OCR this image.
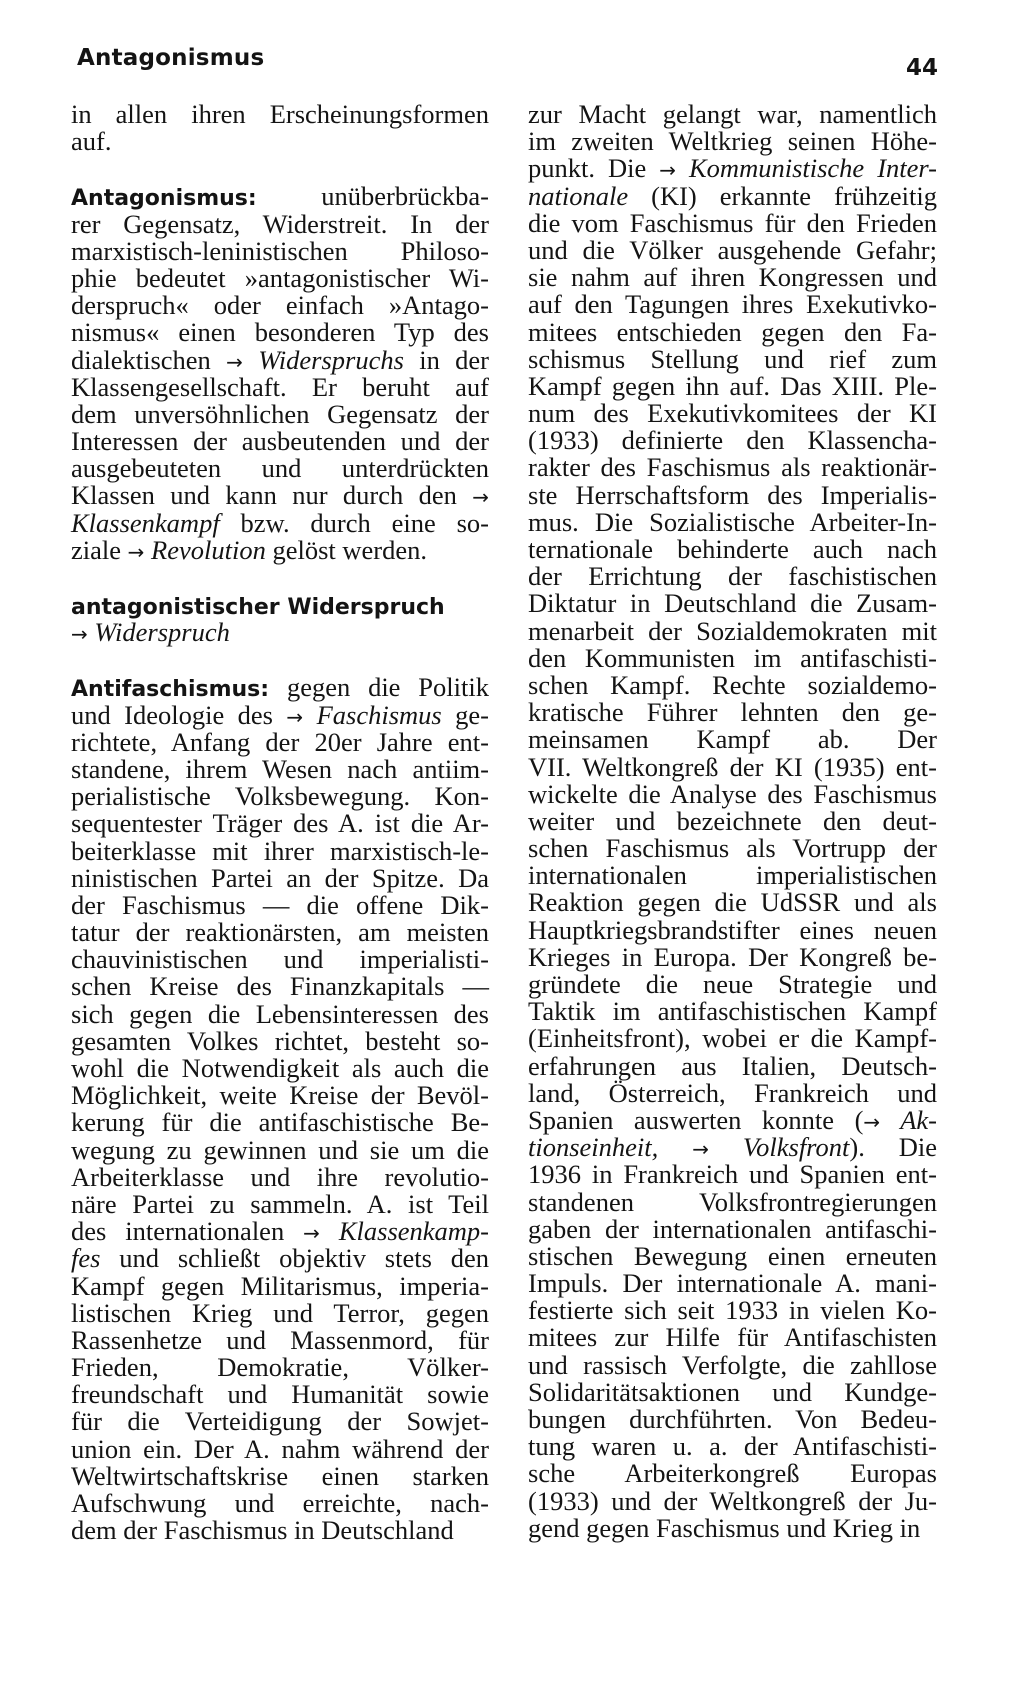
Antagonismus	44
in allen ihren Erscheinungsformen
auf.
Antagonismus: unüberbrückba-
rer Gegensatz, Widerstreit. In der
marxistisch-leninistischen Philoso-
phie bedeutet »antagonistischer Wi-
derspruch« oder einfach »Antago-
nismus« einen besonderen Typ des
dialektischen → Widerspruchs in der
Klassengesellschaft. Er beruht auf
dem unversöhnlichen Gegensatz der
Interessen der ausbeutenden und der
ausgebeuteten und unterdrückten
Klassen und kann nur durch den →
Klassenkampf bzw. durch eine so-
ziale → Revolution gelöst werden.
antagonistischer Widerspruch
→ Widerspruch
Antifaschismus: gegen die Politik
und Ideologie des → Faschismus ge-
richtete, Anfang der 20er Jahre ent-
standene, ihrem Wesen nach antiim-
perialistische Volksbewegung. Kon-
sequentester Träger des A. ist die Ar-
beiterklasse mit ihrer marxistisch-le-
ninistischen Partei an der Spitze. Da
der Faschismus — die offene Dik-
tatur der reaktionärsten, am meisten
chauvinistischen und imperialisti-
schen Kreise des Finanzkapitals —
sich gegen die Lebensinteressen des
gesamten Volkes richtet, besteht so-
wohl die Notwendigkeit als auch die
Möglichkeit, weite Kreise der Bevöl-
kerung für die antifaschistische Be-
wegung zu gewinnen und sie um die
Arbeiterklasse und ihre revolutio-
näre Partei zu sammeln. A. ist Teil
des internationalen → Klassenkamp-
fes und schließt objektiv stets den
Kampf gegen Militarismus, imperia-
listischen Krieg und Terror, gegen
Rassenhetze und Massenmord, für
Frieden, Demokratie, Völker-
freundschaft und Humanität sowie
für die Verteidigung der Sowjet-
union ein. Der A. nahm während der
Weltwirtschaftskrise einen starken
Aufschwung und erreichte, nach-
dem der Faschismus in Deutschland
zur Macht gelangt war, namentlich
im zweiten Weltkrieg seinen Höhe-
punkt. Die → Kommunistische Inter-
nationale (KI) erkannte frühzeitig
die vom Faschismus für den Frieden
und die Völker ausgehende Gefahr;
sie nahm auf ihren Kongressen und
auf den Tagungen ihres Exekutivko-
mitees entschieden gegen den Fa-
schismus Stellung und rief zum
Kampf gegen ihn auf. Das XIII. Ple-
num des Exekutivkomitees der KI
(1933) definierte den Klassencha-
rakter des Faschismus als reaktionär-
ste Herrschaftsform des Imperialis-
mus. Die Sozialistische Arbeiter-In-
ternationale behinderte auch nach
der Errichtung der faschistischen
Diktatur in Deutschland die Zusam-
menarbeit der Sozialdemokraten mit
den Kommunisten im antifaschisti-
schen Kampf. Rechte sozialdemo-
kratische Führer lehnten den ge-
meinsamen Kampf ab. Der
VII. Weltkongreß der KI (1935) ent-
wickelte die Analyse des Faschismus
weiter und bezeichnete den deut-
schen Faschismus als Vortrupp der
internationalen imperialistischen
Reaktion gegen die UdSSR und als
Hauptkriegsbrandstifter eines neuen
Krieges in Europa. Der Kongreß be-
gründete die neue Strategie und
Taktik im antifaschistischen Kampf
(Einheitsfront), wobei er die Kampf-
erfahrungen aus Italien, Deutsch-
land, Österreich, Frankreich und
Spanien auswerten konnte (→ Ak-
tionseinheit, → Volksfront). Die
1936 in Frankreich und Spanien ent-
standenen Volksfrontregierungen
gaben der internationalen antifaschi-
stischen Bewegung einen erneuten
Impuls. Der internationale A. mani-
festierte sich seit 1933 in vielen Ko-
mitees zur Hilfe für Antifaschisten
und rassisch Verfolgte, die zahllose
Solidaritätsaktionen und Kundge-
bungen durchführten. Von Bedeu-
tung waren u. a. der Antifaschisti-
sche Arbeiterkongreß Europas
(1933) und der Weltkongreß der Ju-
gend gegen Faschismus und Krieg in
